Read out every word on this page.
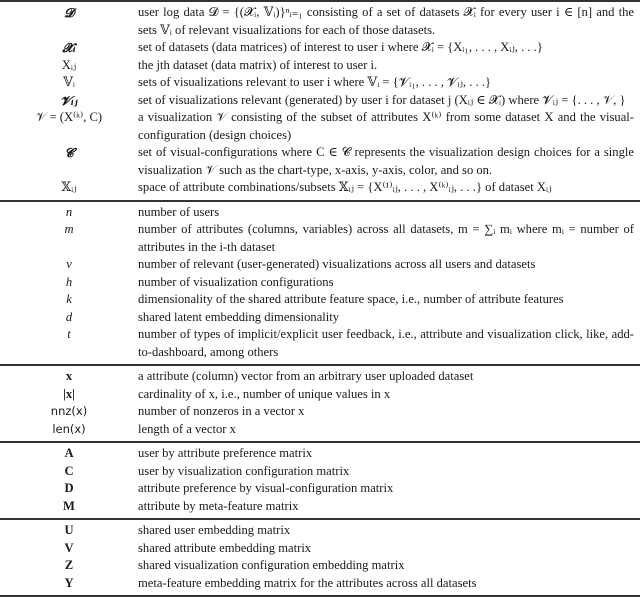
𝓓	user log data 𝓓 = {(𝓧ᵢ, 𝕍ᵢ)}ⁿᵢ₌₁ consisting of a set of datasets 𝓧ᵢ for every user i ∈ [n] and the sets 𝕍ᵢ of relevant visualizations for each of those datasets.
𝓧ᵢ	set of datasets (data matrices) of interest to user i where 𝓧ᵢ = {Xᵢ₁, . . . , Xᵢⱼ, . . .}
Xᵢⱼ	the jth dataset (data matrix) of interest to user i.
𝕍ᵢ	sets of visualizations relevant to user i where 𝕍ᵢ = {𝓥ᵢ₁, . . . , 𝓥ᵢⱼ, . . .}
𝓥ᵢⱼ	set of visualizations relevant (generated) by user i for dataset j (Xᵢⱼ ∈ 𝓧ᵢ) where 𝓥ᵢⱼ = {. . . , 𝒱, }
𝒱 = (X⁽ᵏ⁾, C)	a visualization 𝒱 consisting of the subset of attributes X⁽ᵏ⁾ from some dataset X and the visual-configuration (design choices)
𝓒	set of visual-configurations where C ∈ 𝓒 represents the visualization design choices for a single visualization 𝒱 such as the chart-type, x-axis, y-axis, color, and so on.
𝕏ᵢⱼ	space of attribute combinations/subsets 𝕏ᵢⱼ = {X⁽¹⁾ᵢⱼ, . . . , X⁽ᵏ⁾ᵢⱼ, . . .} of dataset Xᵢⱼ
n	number of users
m	number of attributes (columns, variables) across all datasets, m = ∑ᵢ mᵢ where mᵢ = number of attributes in the i-th dataset
v	number of relevant (user-generated) visualizations across all users and datasets
h	number of visualization configurations
k	dimensionality of the shared attribute feature space, i.e., number of attribute features
d	shared latent embedding dimensionality
t	number of types of implicit/explicit user feedback, i.e., attribute and visualization click, like, add-to-dashboard, among others
x	a attribute (column) vector from an arbitrary user uploaded dataset
|x|	cardinality of x, i.e., number of unique values in x
nnz(x)	number of nonzeros in a vector x
len(x)	length of a vector x
A	user by attribute preference matrix
C	user by visualization configuration matrix
D	attribute preference by visual-configuration matrix
M	attribute by meta-feature matrix
U	shared user embedding matrix
V	shared attribute embedding matrix
Z	shared visualization configuration embedding matrix
Y	meta-feature embedding matrix for the attributes across all datasets
